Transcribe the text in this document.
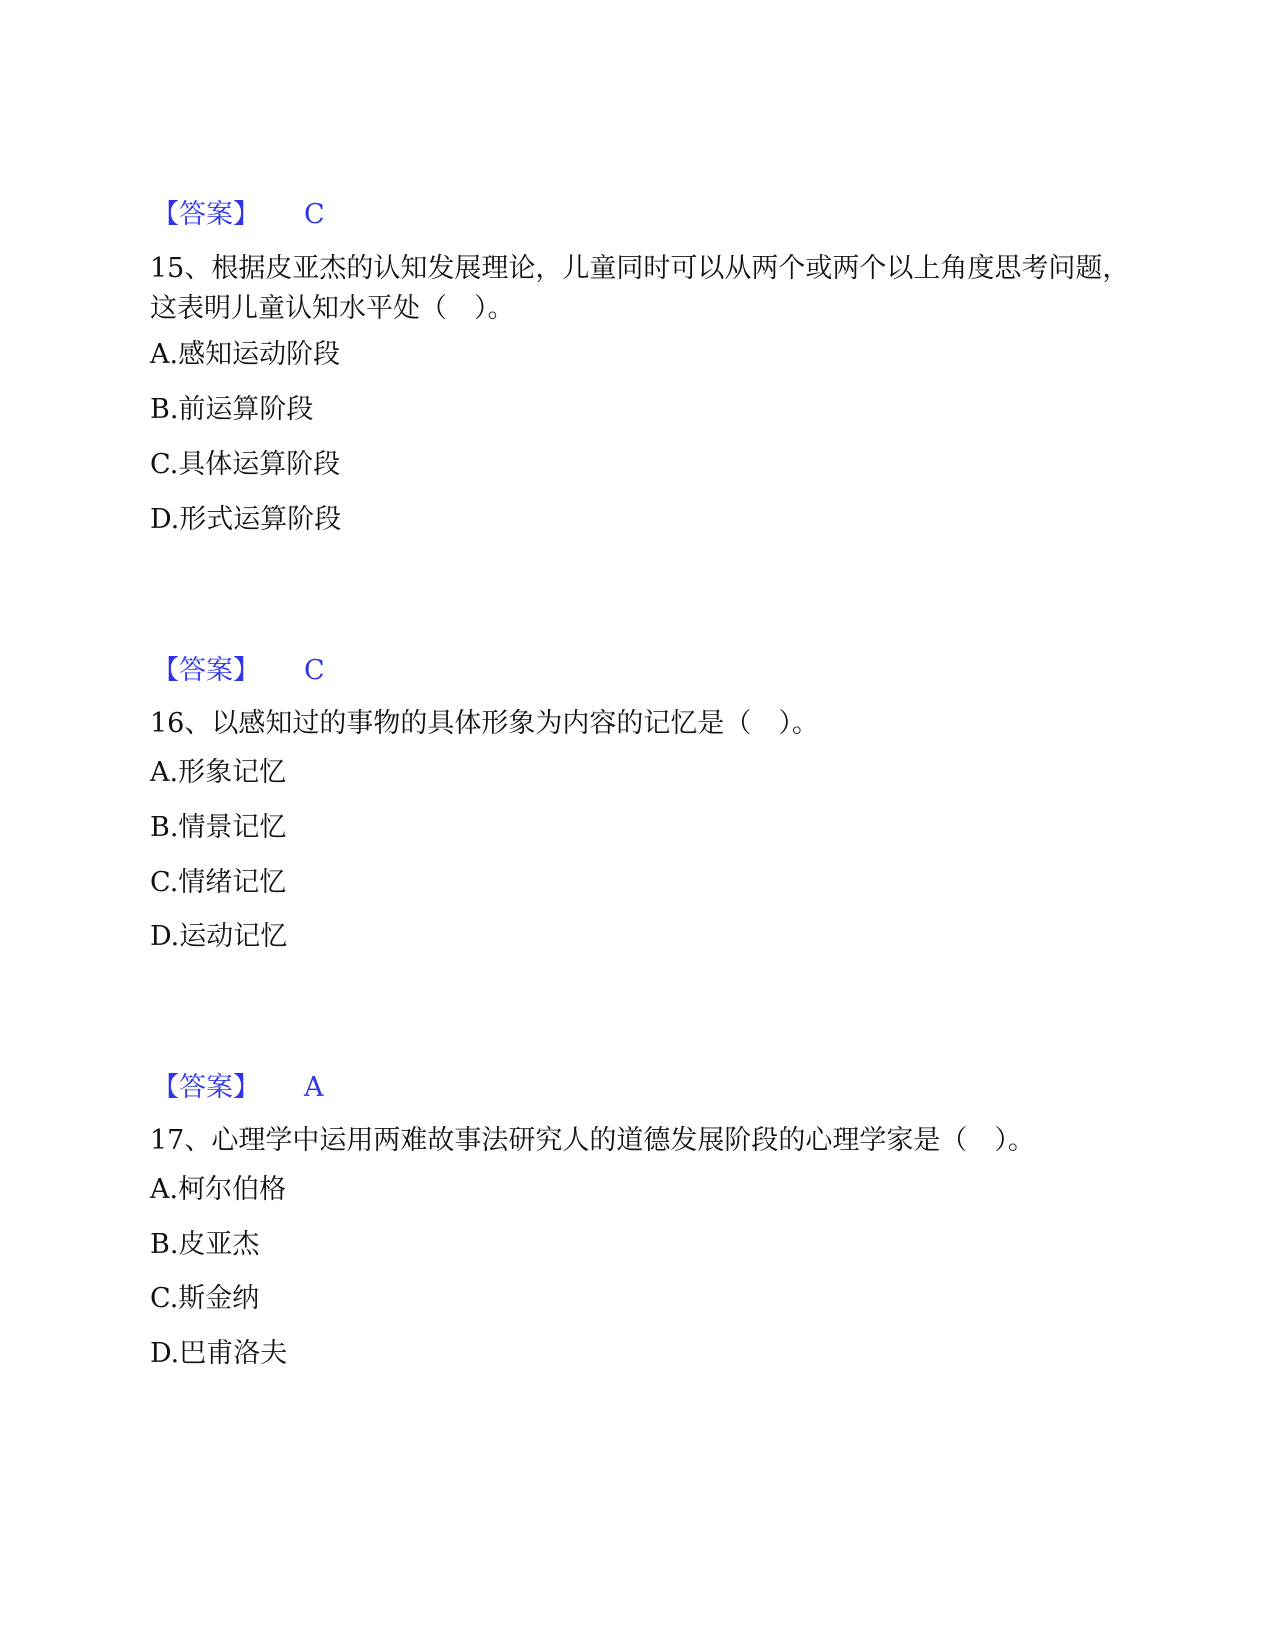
【答案】 C
15、根据皮亚杰的认知发展理论，儿童同时可以从两个或两个以上角度思考问题，这表明儿童认知水平处（　）。
A.感知运动阶段
B.前运算阶段
C.具体运算阶段
D.形式运算阶段
【答案】 C
16、以感知过的事物的具体形象为内容的记忆是（　）。
A.形象记忆
B.情景记忆
C.情绪记忆
D.运动记忆
【答案】 A
17、心理学中运用两难故事法研究人的道德发展阶段的心理学家是（　）。
A.柯尔伯格
B.皮亚杰
C.斯金纳
D.巴甫洛夫
